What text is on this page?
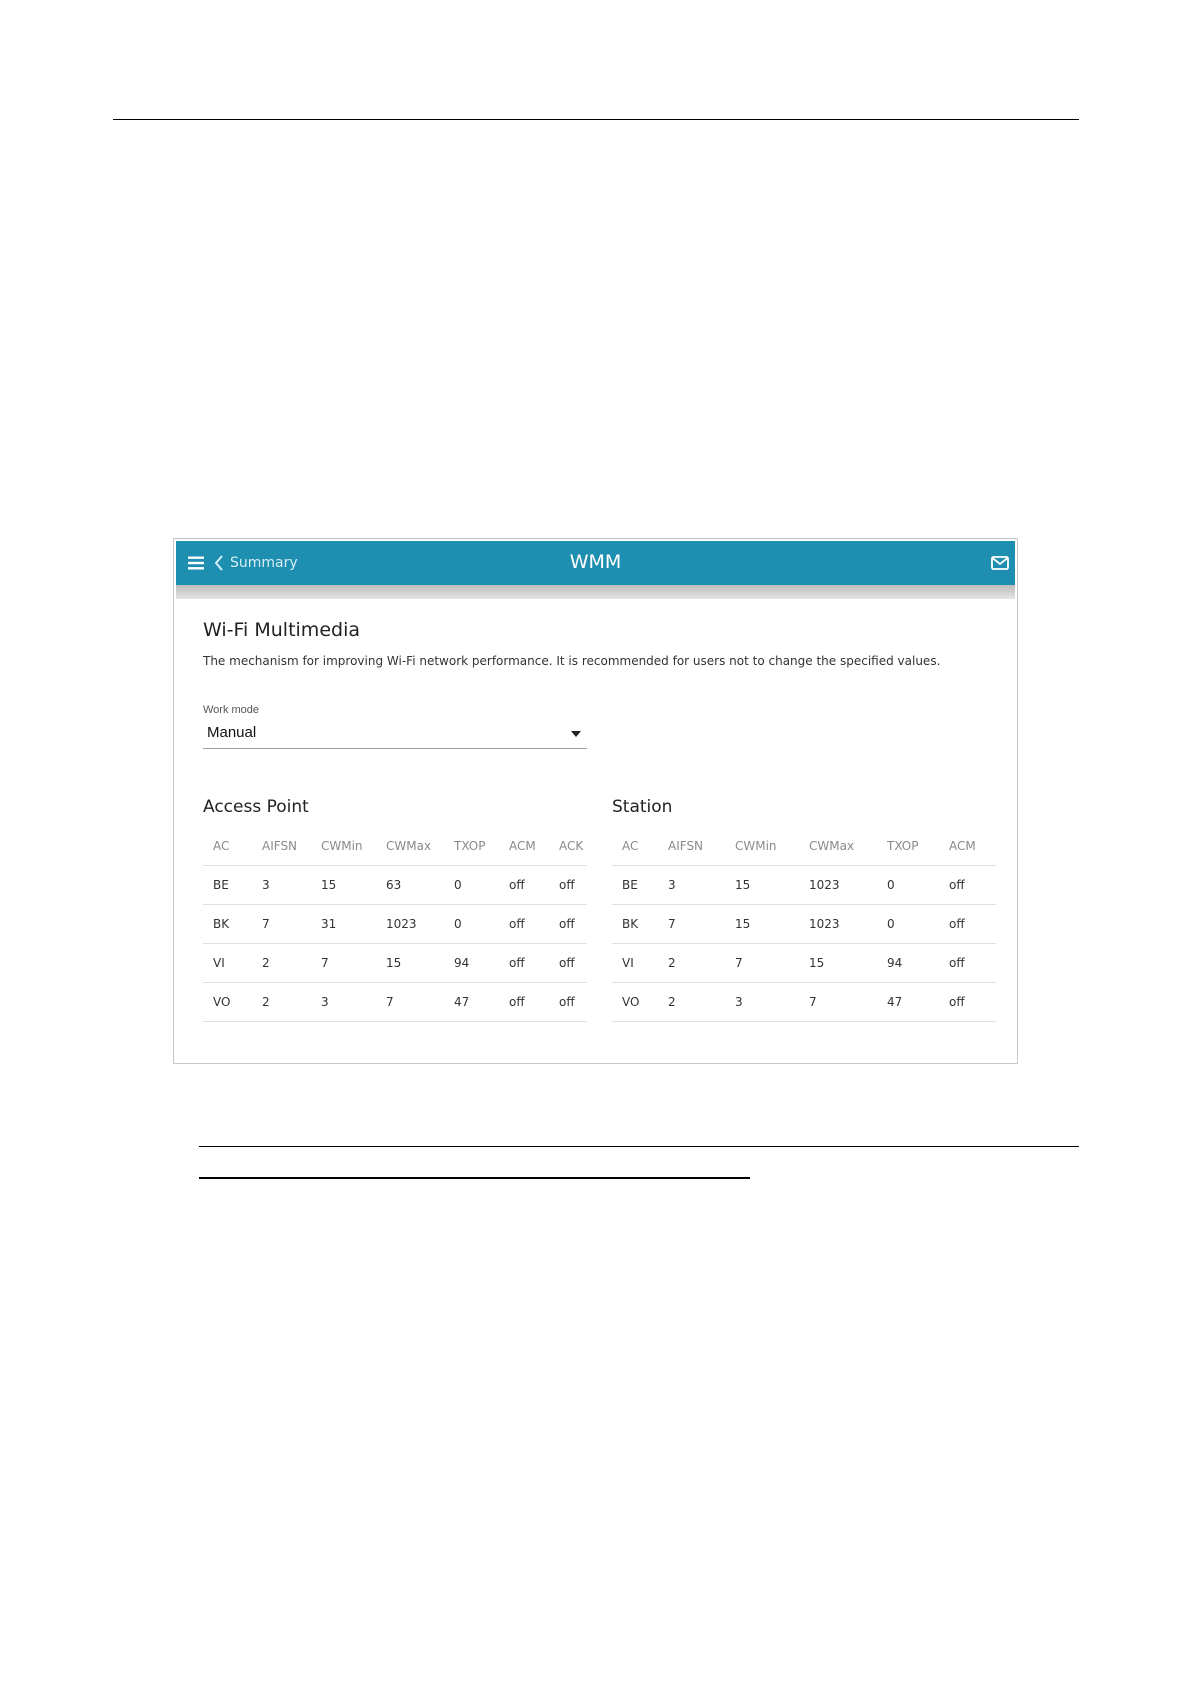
Summary	WMM
Wi-Fi Multimedia
The mechanism for improving Wi-Fi network performance. It is recommended for users not to change the specified values.
Work mode
Manual
Access Point	Station
AC	AIFSN	CWMin	CWMax	TXOP	ACM	ACK
BE	3	15	63	0	off	off
BK	7	31	1023	0	off	off
VI	2	7	15	94	off	off
VO	2	3	7	47	off	off
AC	AIFSN	CWMin	CWMax	TXOP	ACM
BE	3	15	1023	0	off
BK	7	15	1023	0	off
VI	2	7	15	94	off
VO	2	3	7	47	off
